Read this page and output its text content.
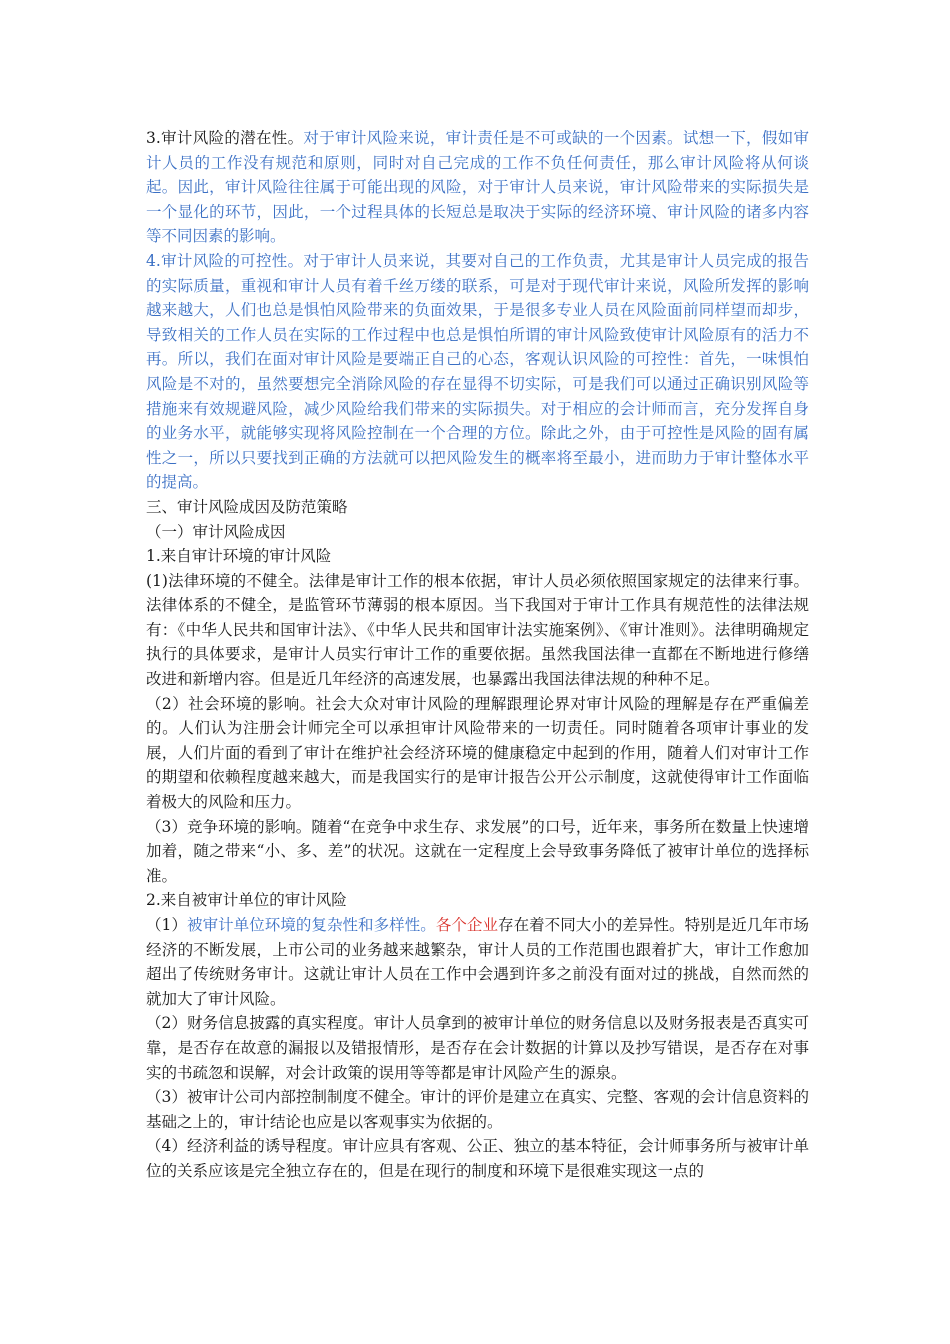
3.审计风险的潜在性。对于审计风险来说，审计责任是不可或缺的一个因素。试想一下，假如审计人员的工作没有规范和原则，同时对自己完成的工作不负任何责任，那么审计风险将从何谈起。因此，审计风险往往属于可能出现的风险，对于审计人员来说，审计风险带来的实际损失是一个显化的环节，因此，一个过程具体的长短总是取决于实际的经济环境、审计风险的诸多内容等不同因素的影响。

4.审计风险的可控性。对于审计人员来说，其要对自己的工作负责，尤其是审计人员完成的报告的实际质量，重视和审计人员有着千丝万缕的联系，可是对于现代审计来说，风险所发挥的影响越来越大，人们也总是惧怕风险带来的负面效果，于是很多专业人员在风险面前同样望而却步，导致相关的工作人员在实际的工作过程中也总是惧怕所谓的审计风险致使审计风险原有的活力不再。所以，我们在面对审计风险是要端正自己的心态，客观认识风险的可控性：首先，一味惧怕风险是不对的，虽然要想完全消除风险的存在显得不切实际，可是我们可以通过正确识别风险等措施来有效规避风险，减少风险给我们带来的实际损失。对于相应的会计师而言，充分发挥自身的业务水平，就能够实现将风险控制在一个合理的方位。除此之外，由于可控性是风险的固有属性之一，所以只要找到正确的方法就可以把风险发生的概率将至最小，进而助力于审计整体水平的提高。

三、审计风险成因及防范策略

（一）审计风险成因

1.来自审计环境的审计风险

(1)法律环境的不健全。法律是审计工作的根本依据，审计人员必须依照国家规定的法律来行事。法律体系的不健全，是监管环节薄弱的根本原因。当下我国对于审计工作具有规范性的法律法规有：《中华人民共和国审计法》、《中华人民共和国审计法实施案例》、《审计准则》。法律明确规定执行的具体要求，是审计人员实行审计工作的重要依据。虽然我国法律一直都在不断地进行修缮改进和新增内容。但是近几年经济的高速发展，也暴露出我国法律法规的种种不足。

（2）社会环境的影响。社会大众对审计风险的理解跟理论界对审计风险的理解是存在严重偏差的。人们认为注册会计师完全可以承担审计风险带来的一切责任。同时随着各项审计事业的发展，人们片面的看到了审计在维护社会经济环境的健康稳定中起到的作用，随着人们对审计工作的期望和依赖程度越来越大，而是我国实行的是审计报告公开公示制度，这就使得审计工作面临着极大的风险和压力。

（3）竞争环境的影响。随着“在竞争中求生存、求发展”的口号，近年来，事务所在数量上快速增加着，随之带来“小、多、差”的状况。这就在一定程度上会导致事务降低了被审计单位的选择标准。

2.来自被审计单位的审计风险

（1）被审计单位环境的复杂性和多样性。各个企业存在着不同大小的差异性。特别是近几年市场经济的不断发展，上市公司的业务越来越繁杂，审计人员的工作范围也跟着扩大，审计工作愈加超出了传统财务审计。这就让审计人员在工作中会遇到许多之前没有面对过的挑战，自然而然的就加大了审计风险。

（2）财务信息披露的真实程度。审计人员拿到的被审计单位的财务信息以及财务报表是否真实可靠，是否存在故意的漏报以及错报情形，是否存在会计数据的计算以及抄写错误，是否存在对事实的书疏忽和误解，对会计政策的误用等等都是审计风险产生的源泉。

（3）被审计公司内部控制制度不健全。审计的评价是建立在真实、完整、客观的会计信息资料的基础之上的，审计结论也应是以客观事实为依据的。

（4）经济利益的诱导程度。审计应具有客观、公正、独立的基本特征，会计师事务所与被审计单位的关系应该是完全独立存在的，但是在现行的制度和环境下是很难实现这一点的
